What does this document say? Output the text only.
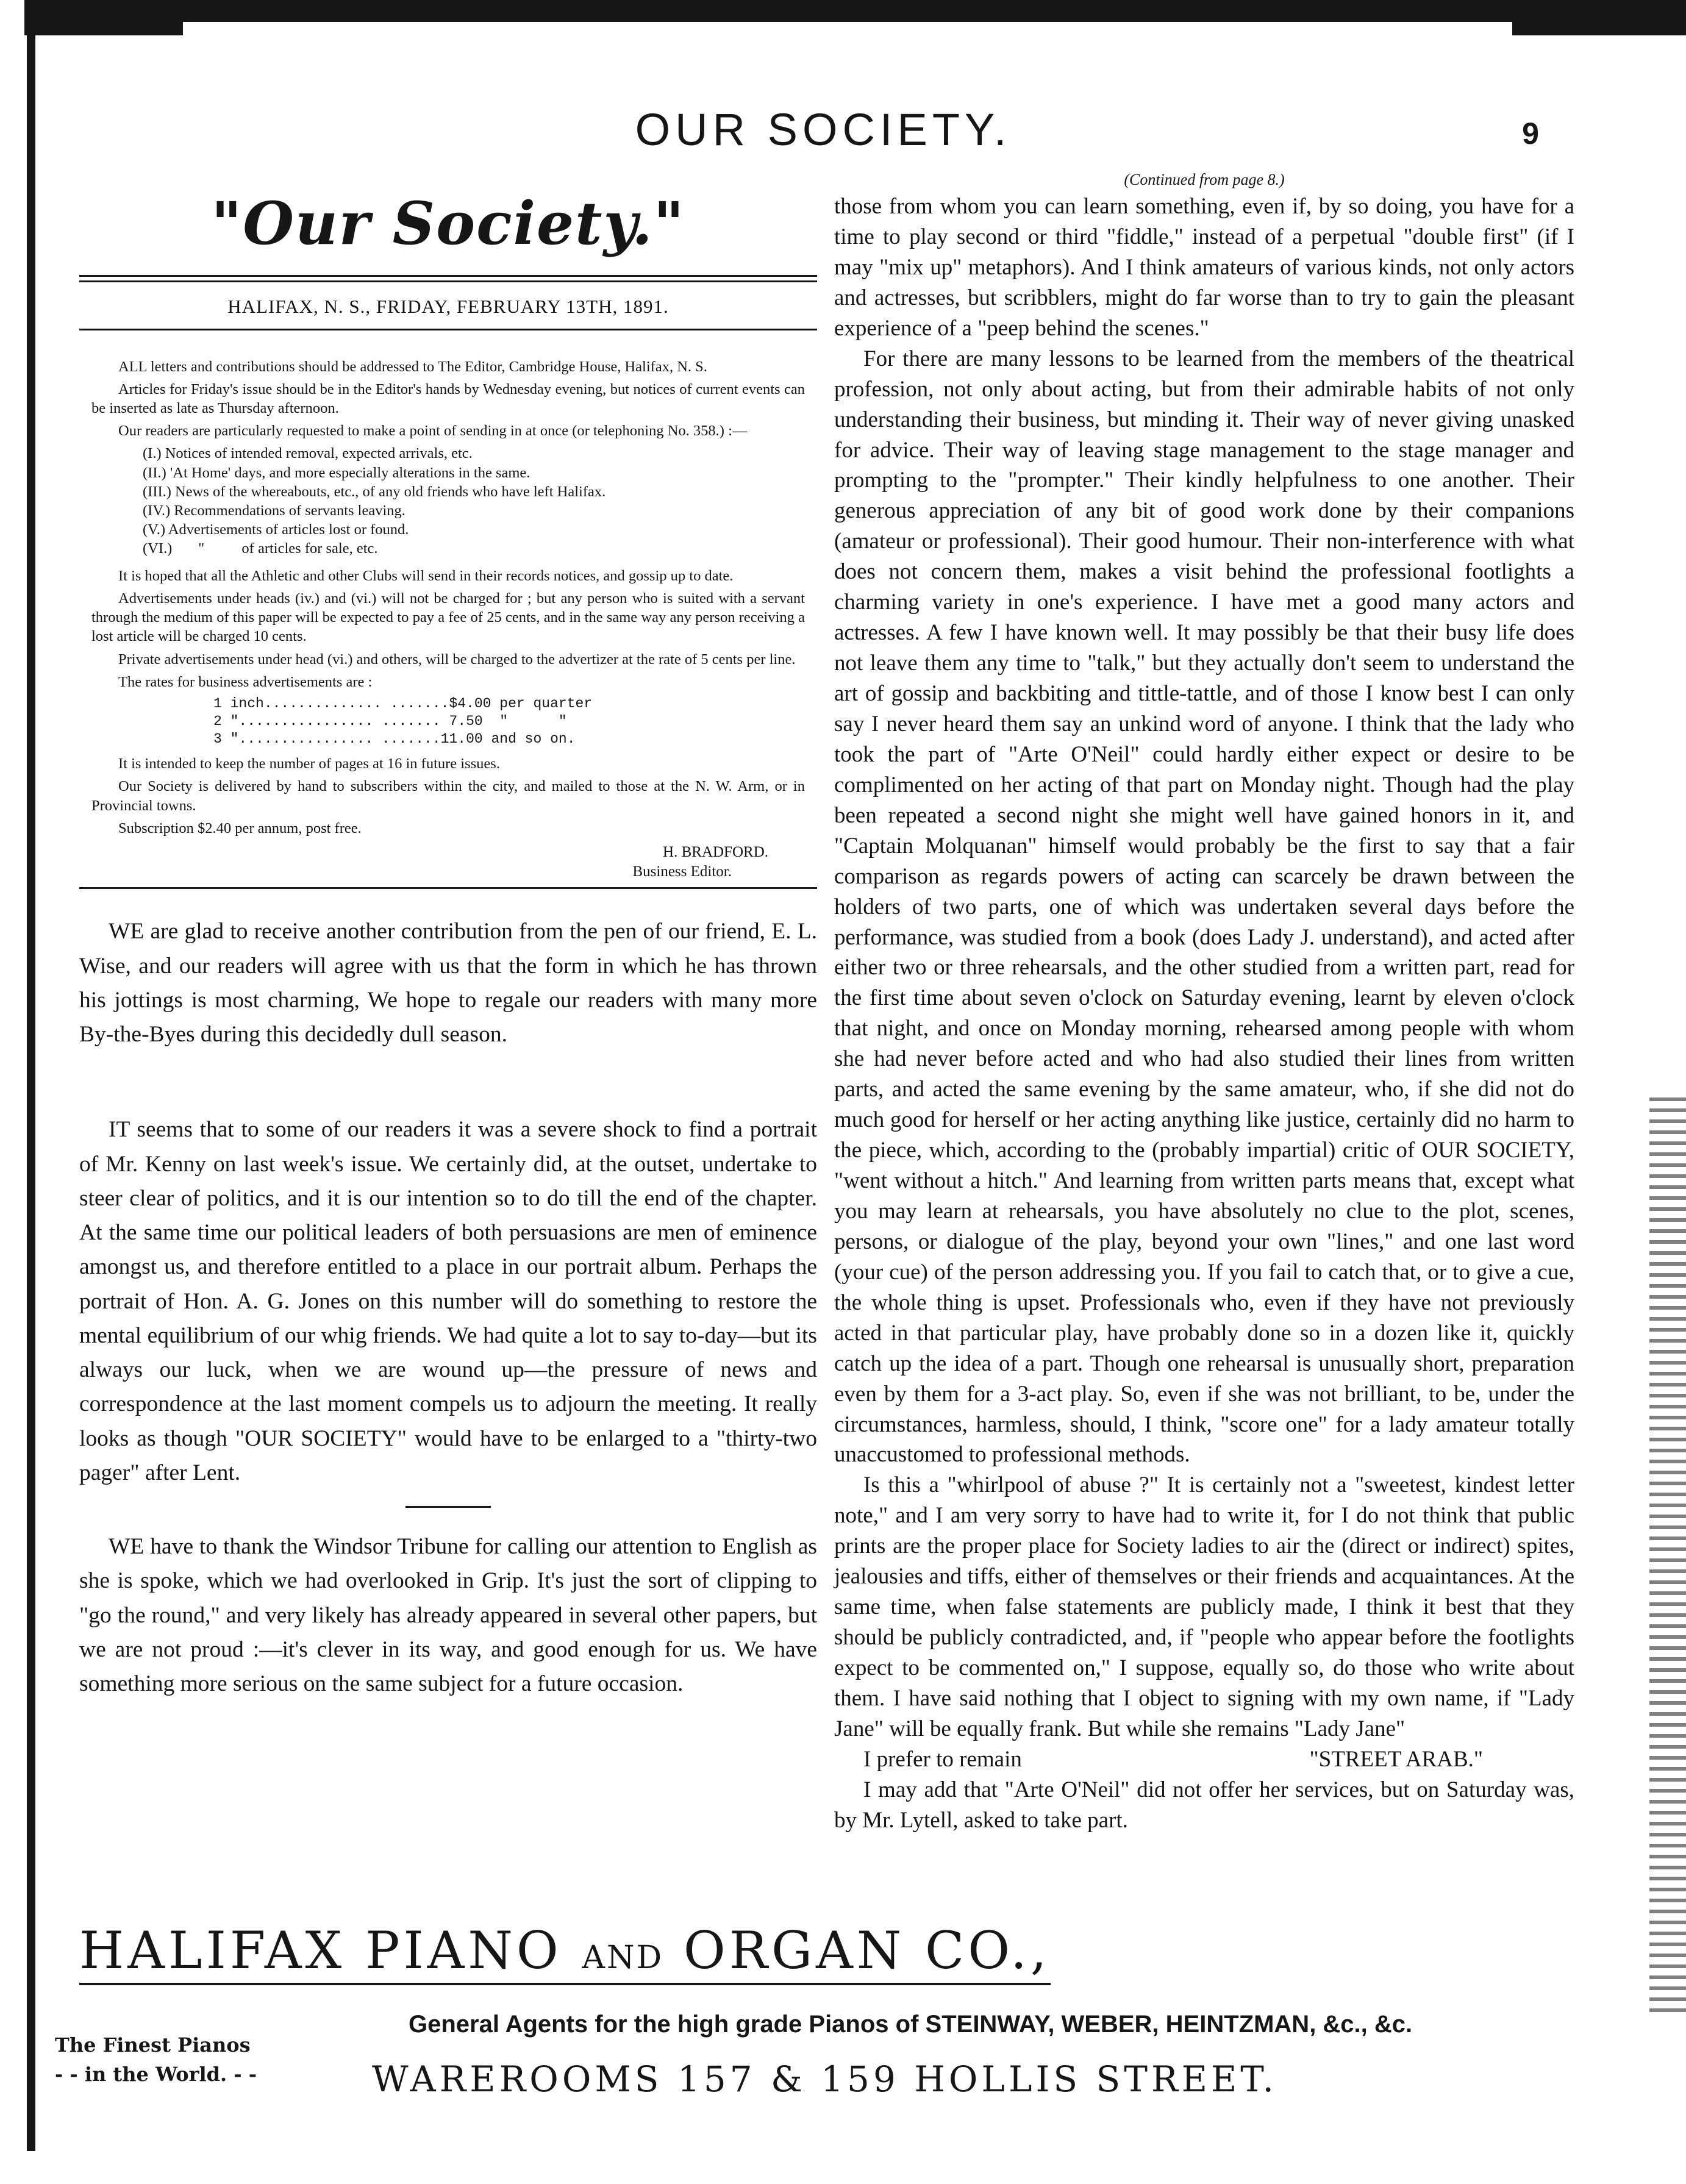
OUR SOCIETY.	9
"Our Society."
HALIFAX, N. S., FRIDAY, FEBRUARY 13TH, 1891.

ALL letters and contributions should be addressed to The Editor, Cambridge House, Halifax, N. S.

Articles for Friday's issue should be in the Editor's hands by Wednesday evening, but notices of current events can be inserted as late as Thursday afternoon.

Our readers are particularly requested to make a point of sending in at once (or telephoning No. 358.) :—

(I.) Notices of intended removal, expected arrivals, etc.

(II.) 'At Home' days, and more especially alterations in the same.

(III.) News of the whereabouts, etc., of any old friends who have left Halifax.

(IV.) Recommendations of servants leaving.

(V.) Advertisements of articles lost or found.

(VI.)       "          of articles for sale, etc.

It is hoped that all the Athletic and other Clubs will send in their records notices, and gossip up to date.

Advertisements under heads (iv.) and (vi.) will not be charged for ; but any person who is suited with a servant through the medium of this paper will be expected to pay a fee of 25 cents, and in the same way any person receiving a lost article will be charged 10 cents.

Private advertisements under head (vi.) and others, will be charged to the advertizer at the rate of 5 cents per line.

The rates for business advertisements are :

1 inch.............. .......$4.00 per quarter

2 "................ ....... 7.50  "      "

3 "................ .......11.00 and so on.

It is intended to keep the number of pages at 16 in future issues.

Our Society is delivered by hand to subscribers within the city, and mailed to those at the N. W. Arm, or in Provincial towns.

Subscription $2.40 per annum, post free.

H. BRADFORD.
Business Editor.

WE are glad to receive another contribution from the pen of our friend, E. L. Wise, and our readers will agree with us that the form in which he has thrown his jottings is most charming, We hope to regale our readers with many more By-the-Byes during this decidedly dull season.

IT seems that to some of our readers it was a severe shock to find a portrait of Mr. Kenny on last week's issue. We certainly did, at the outset, undertake to steer clear of politics, and it is our intention so to do till the end of the chapter. At the same time our political leaders of both persuasions are men of eminence amongst us, and therefore entitled to a place in our portrait album. Perhaps the portrait of Hon. A. G. Jones on this number will do something to restore the mental equilibrium of our whig friends. We had quite a lot to say to-day—but its always our luck, when we are wound up—the pressure of news and correspondence at the last moment compels us to adjourn the meeting. It really looks as though "OUR SOCIETY" would have to be enlarged to a "thirty-two pager" after Lent.

WE have to thank the Windsor Tribune for calling our attention to English as she is spoke, which we had overlooked in Grip. It's just the sort of clipping to "go the round," and very likely has already appeared in several other papers, but we are not proud :—it's clever in its way, and good enough for us. We have something more serious on the same subject for a future occasion.

(Continued from page 8.)

those from whom you can learn something, even if, by so doing, you have for a time to play second or third "fiddle," instead of a perpetual "double first" (if I may "mix up" metaphors). And I think amateurs of various kinds, not only actors and actresses, but scribblers, might do far worse than to try to gain the pleasant experience of a "peep behind the scenes."

For there are many lessons to be learned from the members of the theatrical profession, not only about acting, but from their admirable habits of not only understanding their business, but minding it. Their way of never giving unasked for advice. Their way of leaving stage management to the stage manager and prompting to the "prompter." Their kindly helpfulness to one another. Their generous appreciation of any bit of good work done by their companions (amateur or professional). Their good humour. Their non-interference with what does not concern them, makes a visit behind the professional footlights a charming variety in one's experience. I have met a good many actors and actresses. A few I have known well. It may possibly be that their busy life does not leave them any time to "talk," but they actually don't seem to understand the art of gossip and backbiting and tittle-tattle, and of those I know best I can only say I never heard them say an unkind word of anyone. I think that the lady who took the part of "Arte O'Neil" could hardly either expect or desire to be complimented on her acting of that part on Monday night. Though had the play been repeated a second night she might well have gained honors in it, and "Captain Molquanan" himself would probably be the first to say that a fair comparison as regards powers of acting can scarcely be drawn between the holders of two parts, one of which was undertaken several days before the performance, was studied from a book (does Lady J. understand), and acted after either two or three rehearsals, and the other studied from a written part, read for the first time about seven o'clock on Saturday evening, learnt by eleven o'clock that night, and once on Monday morning, rehearsed among people with whom she had never before acted and who had also studied their lines from written parts, and acted the same evening by the same amateur, who, if she did not do much good for herself or her acting anything like justice, certainly did no harm to the piece, which, according to the (probably impartial) critic of OUR SOCIETY, "went without a hitch." And learning from written parts means that, except what you may learn at rehearsals, you have absolutely no clue to the plot, scenes, persons, or dialogue of the play, beyond your own "lines," and one last word (your cue) of the person addressing you. If you fail to catch that, or to give a cue, the whole thing is upset. Professionals who, even if they have not previously acted in that particular play, have probably done so in a dozen like it, quickly catch up the idea of a part. Though one rehearsal is unusually short, preparation even by them for a 3-act play. So, even if she was not brilliant, to be, under the circumstances, harmless, should, I think, "score one" for a lady amateur totally unaccustomed to professional methods.

Is this a "whirlpool of abuse ?" It is certainly not a "sweetest, kindest letter note," and I am very sorry to have had to write it, for I do not think that public prints are the proper place for Society ladies to air the (direct or indirect) spites, jealousies and tiffs, either of themselves or their friends and acquaintances. At the same time, when false statements are publicly made, I think it best that they should be publicly contradicted, and, if "people who appear before the footlights expect to be commented on," I suppose, equally so, do those who write about them. I have said nothing that I object to signing with my own name, if "Lady Jane" will be equally frank. But while she remains "Lady Jane"

I prefer to remain	"STREET ARAB."

I may add that "Arte O'Neil" did not offer her services, but on Saturday was, by Mr. Lytell, asked to take part.

HALIFAX PIANO AND ORGAN CO.,
General Agents for the high grade Pianos of STEINWAY, WEBER, HEINTZMAN, &c., &c.
The Finest Pianos
- - in the World. - -	WAREROOMS 157 & 159 HOLLIS STREET.
